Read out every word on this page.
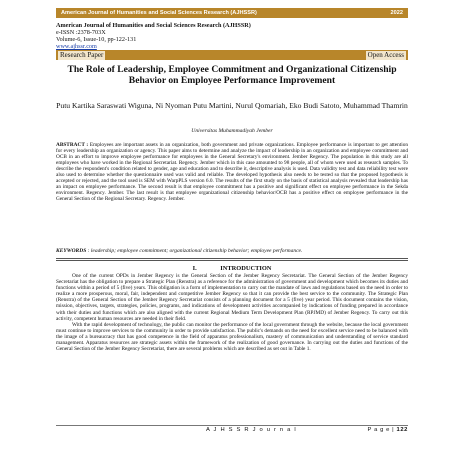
American Journal of Humanities and Social Sciences Research (AJHSSR)	2022
American Journal of Humanities and Social Sciences Research (AJHSSR)
e-ISSN :2378-703X
Volume-6, Issue-10, pp-122-131
www.ajhssr.com
Research Paper	Open Access
The Role of Leadership, Employee Commitment and Organizational Citizenship Behavior on Employee Performance Improvement
Putu Kartika Saraswati Wiguna, Ni Nyoman Putu Martini, Nurul Qomariah, Eko Budi Satoto, Muhammad Thamrin
Universitas Muhammadiyah Jember
ABSTRACT : Employees are important assets in an organization, both government and private organizations. Employee performance is important to get attention for every leadership an organization or agency. This paper aims to determine and analyze the impact of leadership in an organization and employee commitment and OCB in an effort to improve employee performance for employees in the General Secretary's environment. Jember Regency. The population in this study are all employees who have worked in the Regional Secretariat. Regency. Jember which in this case amounted to 98 people, all of whom were used as research samples. To describe the respondent's condition related to gender, age and education and to describe it, descriptive analysis is used. Data validity test and data reliability test were also used to determine whether the questionnaire used was valid and reliable. The developed hypothesis also needs to be tested so that the proposed hypothesis is accepted or rejected, and the tool used is SEM with WarpPLS version 6.0. The results of the first study on the basis of statistical analysis revealed that leadership has an impact on employee performance. The second result is that employee commitment has a positive and significant effect on employee performance in the Sekda environment. Regency. Jember. The last result is that employee organizational citizenship behavior/OCB has a positive effect on employee performance in the General Section of the Regional Secretary. Regency. Jember.
KEYWORDS : leadership; employee commitment; organizational citizenship behavior; employee performance.
I.	INTRODUCTION

One of the current OPDs in Jember Regency is the General Section of the Jember Regency Secretariat. The General Section of the Jember Regency Secretariat has the obligation to prepare a Strategic Plan (Renstra) as a reference for the administration of government and development which becomes its duties and functions within a period of 5 (five) years. This obligation is a form of implementation to carry out the mandate of laws and regulations based on the need in order to realize a more prosperous, moral, fair, independent and competitive Jember Regency so that it can provide the best service to the community. The Strategic Plan (Renstra) of the General Section of the Jember Regency Secretariat consists of a planning document for a 5 (five) year period. This document contains the vision, mission, objectives, targets, strategies, policies, programs, and indications of development activities accompanied by indications of funding prepared in accordance with their duties and functions which are also aligned with the current Regional Medium Term Development Plan (RPJMD) of Jember Regency. To carry out this activity, competent human resources are needed in their field.

With the rapid development of technology, the public can monitor the performance of the local government through the website, because the local government must continue to improve services to the community in order to provide satisfaction. The public's demands on the need for excellent service need to be balanced with the image of a bureaucracy that has good competence in the field of apparatus professionalism, mastery of communication and understanding of service standard management. Apparatus resources are strategic assets within the framework of the realization of good governance. In carrying out the duties and functions of the General Section of the Jember Regency Secretariat, there are several problems which are described as set out in Table 1.

A J H S S R J o u r n a l	P a g e | 122
